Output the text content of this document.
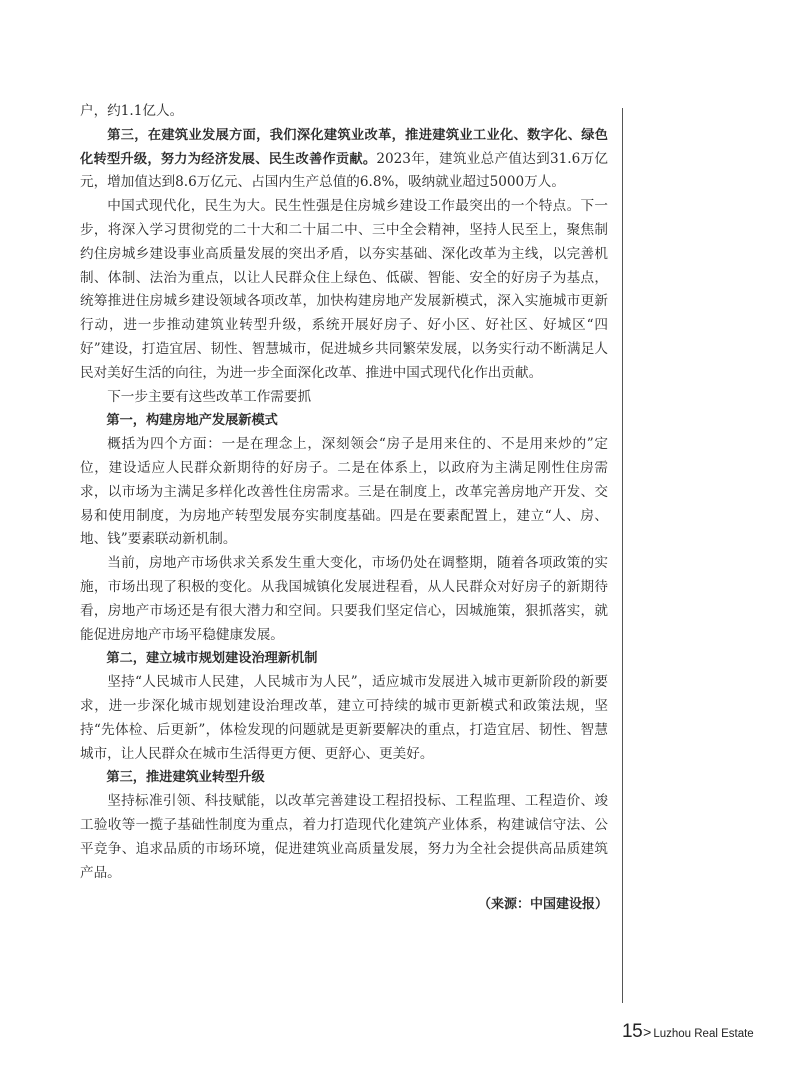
户，约1.1亿人。

第三，在建筑业发展方面，我们深化建筑业改革，推进建筑业工业化、数字化、绿色化转型升级，努力为经济发展、民生改善作贡献。2023年，建筑业总产值达到31.6万亿元，增加值达到8.6万亿元、占国内生产总值的6.8%，吸纳就业超过5000万人。

中国式现代化，民生为大。民生性强是住房城乡建设工作最突出的一个特点。下一步，将深入学习贯彻党的二十大和二十届二中、三中全会精神，坚持人民至上，聚焦制约住房城乡建设事业高质量发展的突出矛盾，以夯实基础、深化改革为主线，以完善机制、体制、法治为重点，以让人民群众住上绿色、低碳、智能、安全的好房子为基点，统筹推进住房城乡建设领域各项改革，加快构建房地产发展新模式，深入实施城市更新行动，进一步推动建筑业转型升级，系统开展好房子、好小区、好社区、好城区“四好”建设，打造宜居、韧性、智慧城市，促进城乡共同繁荣发展，以务实行动不断满足人民对美好生活的向往，为进一步全面深化改革、推进中国式现代化作出贡献。

下一步主要有这些改革工作需要抓

第一，构建房地产发展新模式

概括为四个方面：一是在理念上，深刻领会“房子是用来住的、不是用来炒的”定位，建设适应人民群众新期待的好房子。二是在体系上，以政府为主满足刚性住房需求，以市场为主满足多样化改善性住房需求。三是在制度上，改革完善房地产开发、交易和使用制度，为房地产转型发展夯实制度基础。四是在要素配置上，建立“人、房、地、钱”要素联动新机制。

当前，房地产市场供求关系发生重大变化，市场仍处在调整期，随着各项政策的实施，市场出现了积极的变化。从我国城镇化发展进程看，从人民群众对好房子的新期待看，房地产市场还是有很大潜力和空间。只要我们坚定信心，因城施策，狠抓落实，就能促进房地产市场平稳健康发展。

第二，建立城市规划建设治理新机制

坚持“人民城市人民建，人民城市为人民”，适应城市发展进入城市更新阶段的新要求，进一步深化城市规划建设治理改革，建立可持续的城市更新模式和政策法规，坚持“先体检、后更新”，体检发现的问题就是更新要解决的重点，打造宜居、韧性、智慧城市，让人民群众在城市生活得更方便、更舒心、更美好。

第三，推进建筑业转型升级

坚持标准引领、科技赋能，以改革完善建设工程招投标、工程监理、工程造价、竣工验收等一揽子基础性制度为重点，着力打造现代化建筑产业体系，构建诚信守法、公平竞争、追求品质的市场环境，促进建筑业高质量发展，努力为全社会提供高品质建筑产品。

（来源：中国建设报）

15> Luzhou Real Estate
